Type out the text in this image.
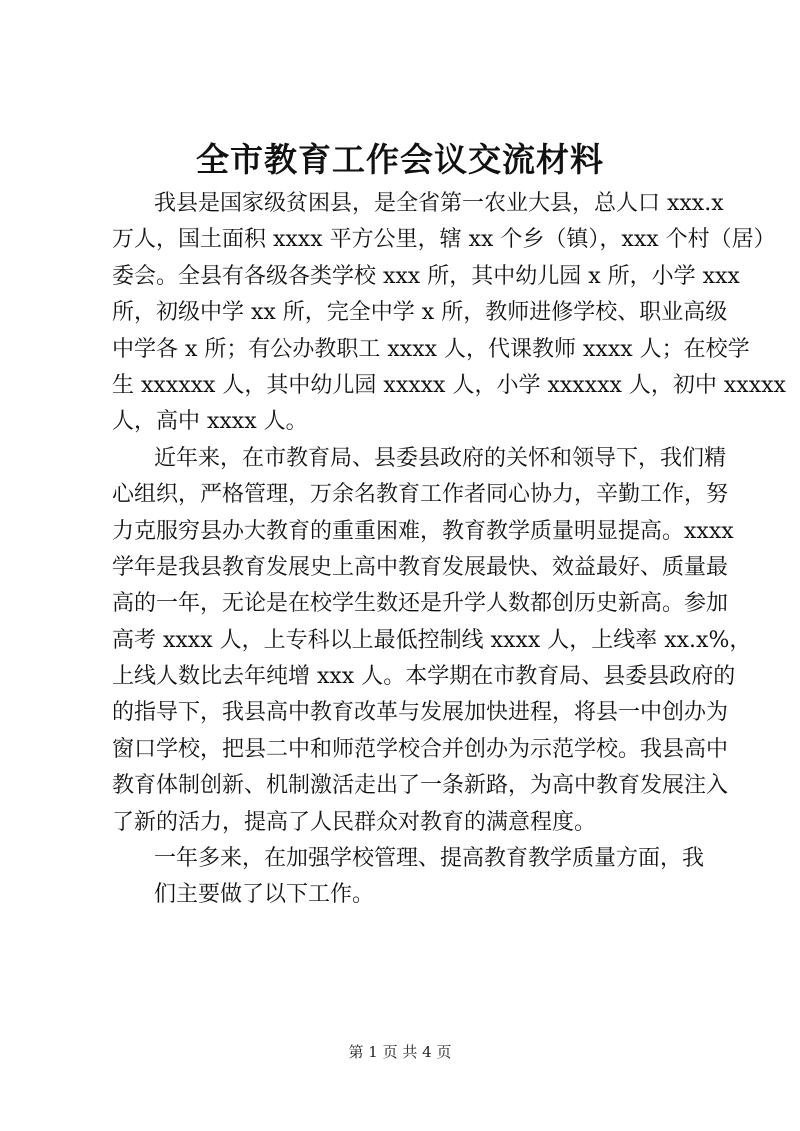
全市教育工作会议交流材料
我县是国家级贫困县，是全省第一农业大县，总人口 xxx.x
万人，国土面积 xxxx 平方公里，辖 xx 个乡（镇），xxx 个村（居）
委会。全县有各级各类学校 xxx 所，其中幼儿园 x 所，小学 xxx
所，初级中学 xx 所，完全中学 x 所，教师进修学校、职业高级
中学各 x 所；有公办教职工 xxxx 人，代课教师 xxxx 人；在校学
生 xxxxxx 人，其中幼儿园 xxxxx 人，小学 xxxxxx 人，初中 xxxxx
人，高中 xxxx 人。
近年来，在市教育局、县委县政府的关怀和领导下，我们精
心组织，严格管理，万余名教育工作者同心协力，辛勤工作，努
力克服穷县办大教育的重重困难，教育教学质量明显提高。xxxx
学年是我县教育发展史上高中教育发展最快、效益最好、质量最
高的一年，无论是在校学生数还是升学人数都创历史新高。参加
高考 xxxx 人，上专科以上最低控制线 xxxx 人，上线率 xx.x%，
上线人数比去年纯增 xxx 人。本学期在市教育局、县委县政府的
的指导下，我县高中教育改革与发展加快进程，将县一中创办为
窗口学校，把县二中和师范学校合并创办为示范学校。我县高中
教育体制创新、机制激活走出了一条新路，为高中教育发展注入
了新的活力，提高了人民群众对教育的满意程度。
一年多来，在加强学校管理、提高教育教学质量方面，我
们主要做了以下工作。
第 1 页 共 4 页
